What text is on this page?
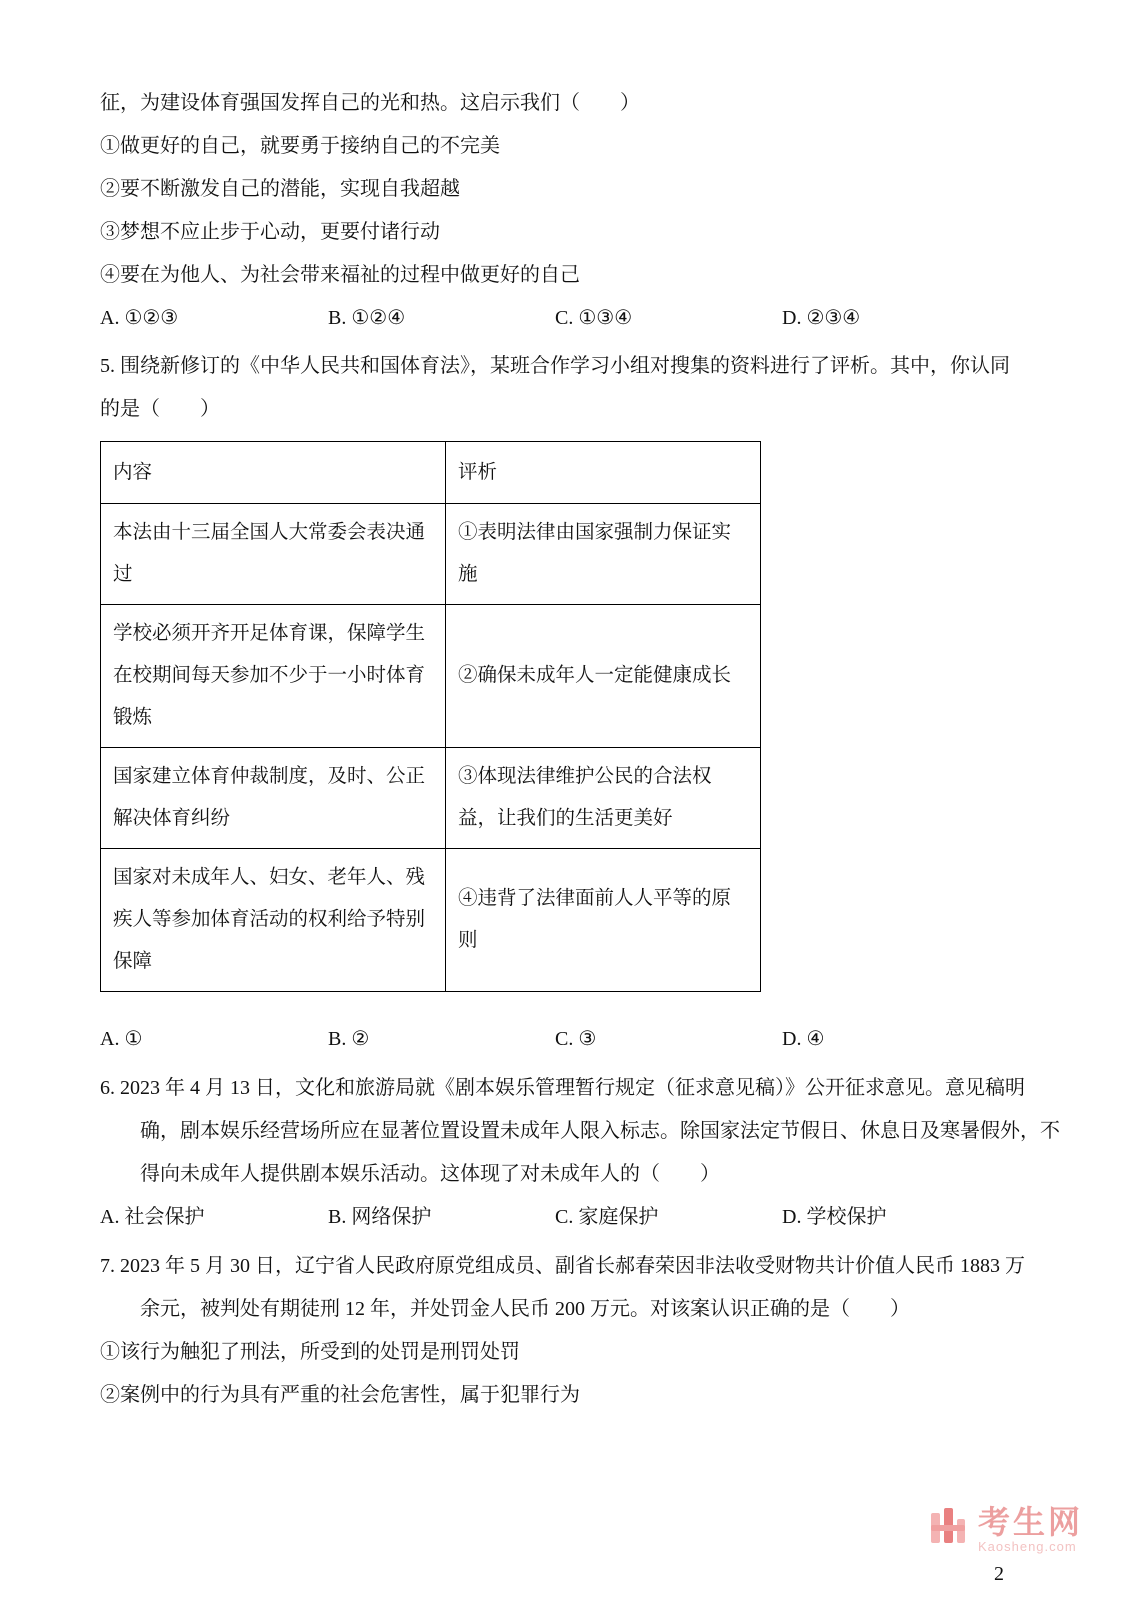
征，为建设体育强国发挥自己的光和热。这启示我们（　　）
①做更好的自己，就要勇于接纳自己的不完美
②要不断激发自己的潜能，实现自我超越
③梦想不应止步于心动，更要付诸行动
④要在为他人、为社会带来福祉的过程中做更好的自己
A. ①②③	B. ①②④	C. ①③④	D. ②③④
5. 围绕新修订的《中华人民共和国体育法》，某班合作学习小组对搜集的资料进行了评析。其中，你认同
的是（　　）
内容	评析
本法由十三届全国人大常委会表决通过	①表明法律由国家强制力保证实施
学校必须开齐开足体育课，保障学生在校期间每天参加不少于一小时体育锻炼	②确保未成年人一定能健康成长
国家建立体育仲裁制度，及时、公正解决体育纠纷	③体现法律维护公民的合法权益，让我们的生活更美好
国家对未成年人、妇女、老年人、残疾人等参加体育活动的权利给予特别保障	④违背了法律面前人人平等的原则
A. ①	B. ②	C. ③	D. ④
6. 2023 年 4 月 13 日，文化和旅游局就《剧本娱乐管理暂行规定（征求意见稿）》公开征求意见。意见稿明
确，剧本娱乐经营场所应在显著位置设置未成年人限入标志。除国家法定节假日、休息日及寒暑假外，不
得向未成年人提供剧本娱乐活动。这体现了对未成年人的（　　）
A. 社会保护	B. 网络保护	C. 家庭保护	D. 学校保护
7. 2023 年 5 月 30 日，辽宁省人民政府原党组成员、副省长郝春荣因非法收受财物共计价值人民币 1883 万
余元，被判处有期徒刑 12 年，并处罚金人民币 200 万元。对该案认识正确的是（　　）
①该行为触犯了刑法，所受到的处罚是刑罚处罚
②案例中的行为具有严重的社会危害性，属于犯罪行为
考生网
Kaosheng.com
2
